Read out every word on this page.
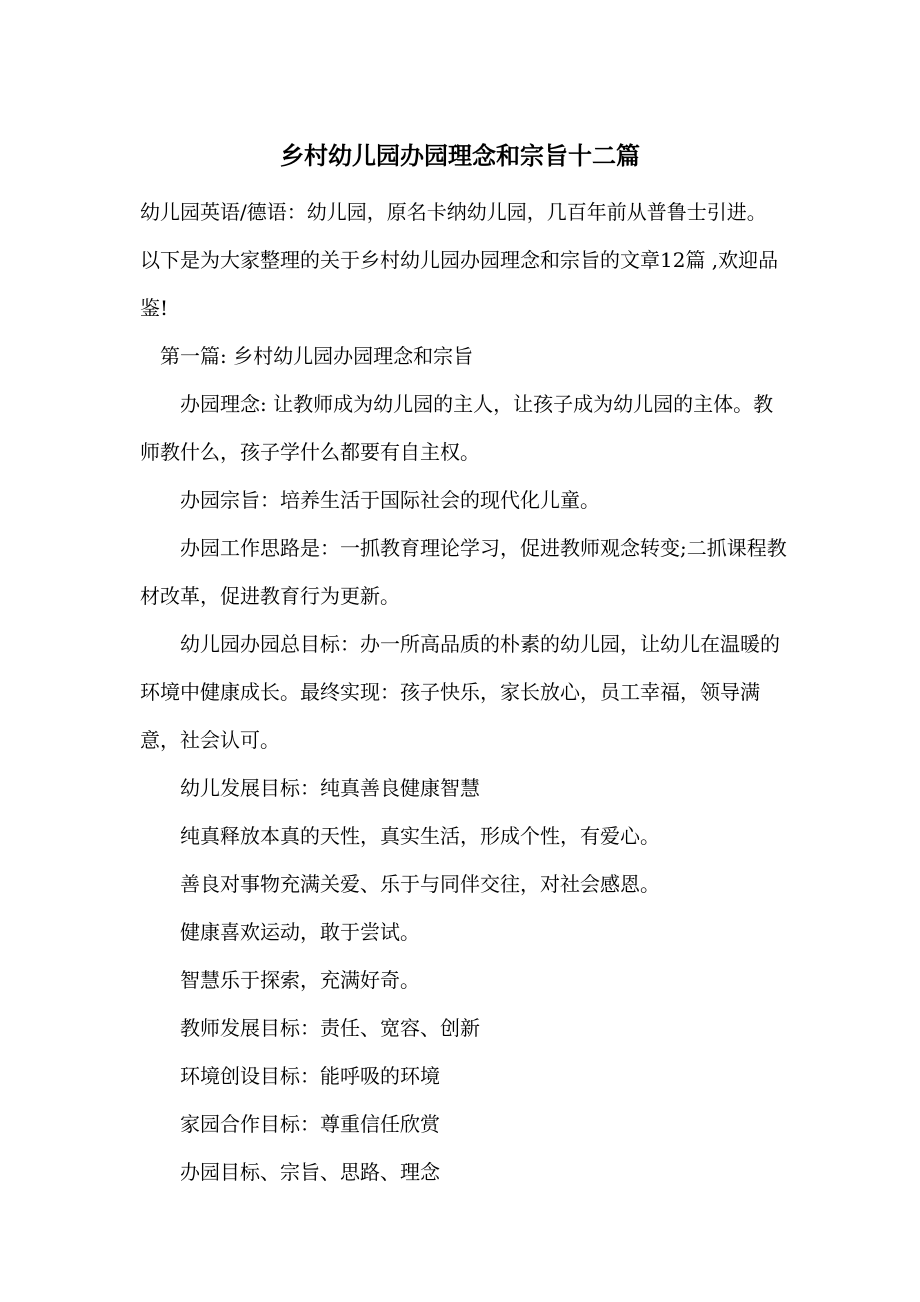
乡村幼儿园办园理念和宗旨十二篇

幼儿园英语/德语：幼儿园，原名卡纳幼儿园，几百年前从普鲁士引进。 以下是为大家整理的关于乡村幼儿园办园理念和宗旨的文章12篇 ,欢迎品鉴!

第一篇: 乡村幼儿园办园理念和宗旨

办园理念: 让教师成为幼儿园的主人，让孩子成为幼儿园的主体。教师教什么，孩子学什么都要有自主权。

办园宗旨：培养生活于国际社会的现代化儿童。

办园工作思路是：一抓教育理论学习，促进教师观念转变;二抓课程教材改革，促进教育行为更新。

幼儿园办园总目标：办一所高品质的朴素的幼儿园，让幼儿在温暖的环境中健康成长。最终实现：孩子快乐，家长放心，员工幸福，领导满意，社会认可。

幼儿发展目标：纯真善良健康智慧

纯真释放本真的天性，真实生活，形成个性，有爱心。

善良对事物充满关爱、乐于与同伴交往，对社会感恩。

健康喜欢运动，敢于尝试。

智慧乐于探索，充满好奇。

教师发展目标：责任、宽容、创新

环境创设目标：能呼吸的环境

家园合作目标：尊重信任欣赏

办园目标、宗旨、思路、理念
